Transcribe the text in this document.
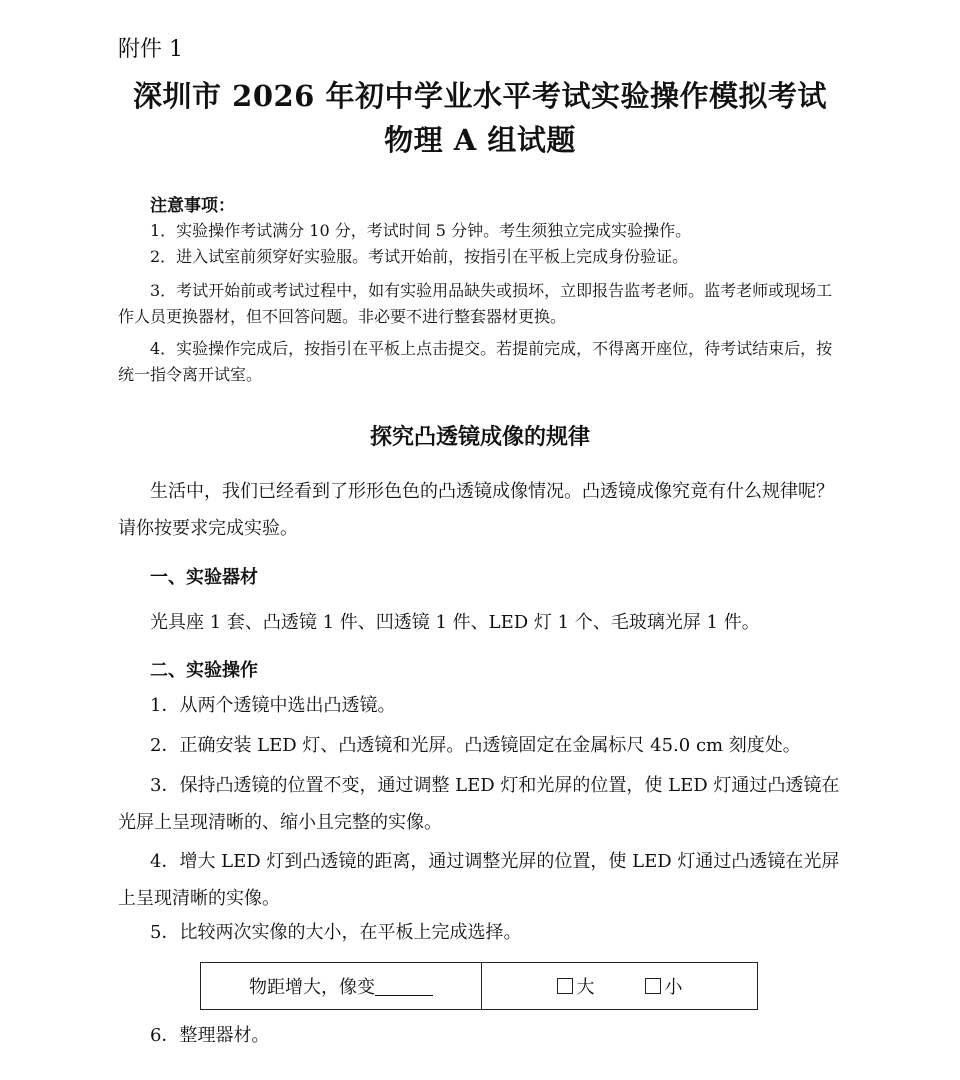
附件 1
深圳市 2026 年初中学业水平考试实验操作模拟考试
物理 A 组试题
注意事项：
1．实验操作考试满分 10 分，考试时间 5 分钟。考生须独立完成实验操作。
2．进入试室前须穿好实验服。考试开始前，按指引在平板上完成身份验证。
3．考试开始前或考试过程中，如有实验用品缺失或损坏，立即报告监考老师。监考老师或现场工作人员更换器材，但不回答问题。非必要不进行整套器材更换。
4．实验操作完成后，按指引在平板上点击提交。若提前完成，不得离开座位，待考试结束后，按统一指令离开试室。
探究凸透镜成像的规律
生活中，我们已经看到了形形色色的凸透镜成像情况。凸透镜成像究竟有什么规律呢？请你按要求完成实验。
一、实验器材
光具座 1 套、凸透镜 1 件、凹透镜 1 件、LED 灯 1 个、毛玻璃光屏 1 件。
二、实验操作
1．从两个透镜中选出凸透镜。
2．正确安装 LED 灯、凸透镜和光屏。凸透镜固定在金属标尺 45.0 cm 刻度处。
3．保持凸透镜的位置不变，通过调整 LED 灯和光屏的位置，使 LED 灯通过凸透镜在光屏上呈现清晰的、缩小且完整的实像。
4．增大 LED 灯到凸透镜的距离，通过调整光屏的位置，使 LED 灯通过凸透镜在光屏上呈现清晰的实像。
5．比较两次实像的大小，在平板上完成选择。
物距增大，像变	大	小
6．整理器材。
